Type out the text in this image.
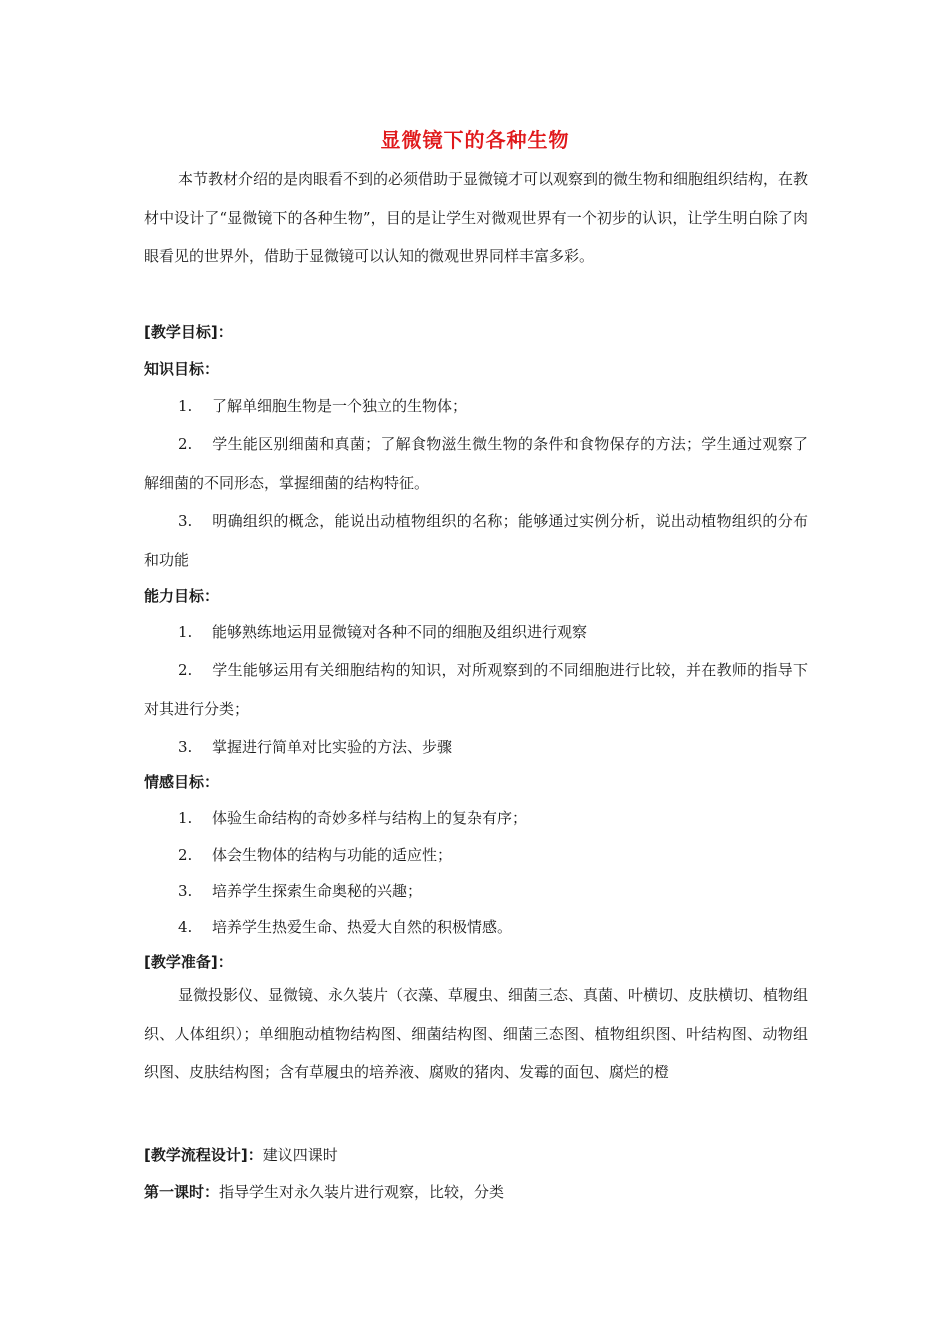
显微镜下的各种生物

本节教材介绍的是肉眼看不到的必须借助于显微镜才可以观察到的微生物和细胞组织结构，在教材中设计了“显微镜下的各种生物”，目的是让学生对微观世界有一个初步的认识，让学生明白除了肉眼看见的世界外，借助于显微镜可以认知的微观世界同样丰富多彩。

[教学目标]：

知识目标：

1. 了解单细胞生物是一个独立的生物体；

2. 学生能区别细菌和真菌；了解食物滋生微生物的条件和食物保存的方法；学生通过观察了解细菌的不同形态，掌握细菌的结构特征。

3. 明确组织的概念，能说出动植物组织的名称；能够通过实例分析，说出动植物组织的分布和功能

能力目标：

1. 能够熟练地运用显微镜对各种不同的细胞及组织进行观察

2. 学生能够运用有关细胞结构的知识，对所观察到的不同细胞进行比较，并在教师的指导下对其进行分类；

3. 掌握进行简单对比实验的方法、步骤

情感目标：

1. 体验生命结构的奇妙多样与结构上的复杂有序；

2. 体会生物体的结构与功能的适应性；

3. 培养学生探索生命奥秘的兴趣；

4. 培养学生热爱生命、热爱大自然的积极情感。

[教学准备]：

显微投影仪、显微镜、永久装片（衣藻、草履虫、细菌三态、真菌、叶横切、皮肤横切、植物组织、人体组织）；单细胞动植物结构图、细菌结构图、细菌三态图、植物组织图、叶结构图、动物组织图、皮肤结构图；含有草履虫的培养液、腐败的猪肉、发霉的面包、腐烂的橙

[教学流程设计]：建议四课时

第一课时：指导学生对永久装片进行观察，比较，分类
